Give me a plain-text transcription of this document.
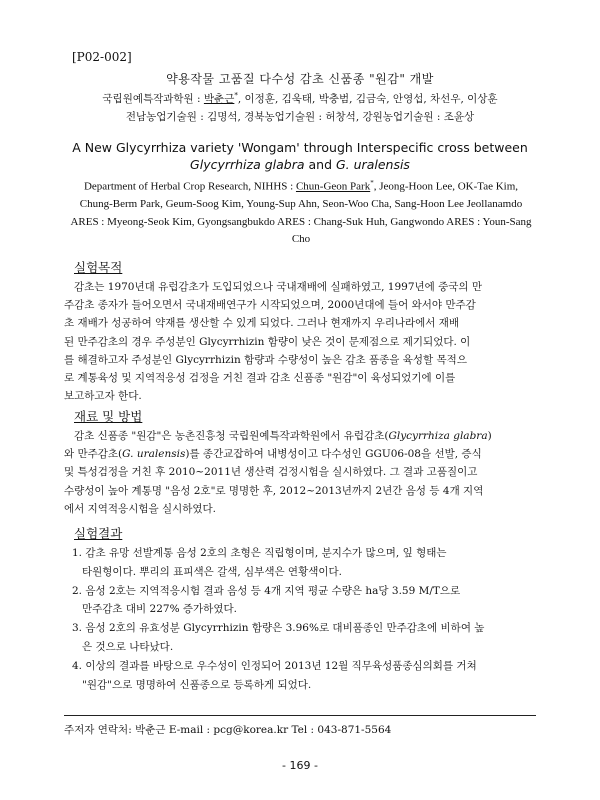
[P02-002]
약용작물 고품질 다수성 감초 신품종 "원감" 개발
국립원예특작과학원 : 박춘근*, 이정훈, 김욱태, 박충범, 김금숙, 안영섭, 차선우, 이상훈
전남농업기술원 : 김명석, 경북농업기술원 : 허창석, 강원농업기술원 : 조윤상
A New Glycyrrhiza variety 'Wongam' through Interspecific cross between
Glycyrrhiza glabra and G. uralensis
Department of Herbal Crop Research, NIHHS : Chun-Geon Park*, Jeong-Hoon Lee, OK-Tae Kim, Chung-Berm Park, Geum-Soog Kim, Young-Sup Ahn, Seon-Woo Cha, Sang-Hoon Lee Jeollanamdo ARES : Myeong-Seok Kim, Gyongsangbukdo ARES : Chang-Suk Huh, Gangwondo ARES : Youn-Sang Cho
실험목적
감초는 1970년대 유럽감초가 도입되었으나 국내재배에 실패하였고, 1997년에 중국의 만
주감초 종자가 들어오면서 국내재배연구가 시작되었으며, 2000년대에 들어 와서야 만주감
초 재배가 성공하여 약재를 생산할 수 있게 되었다. 그러나 현재까지 우리나라에서 재배
된 만주감초의 경우 주성분인 Glycyrrhizin 함량이 낮은 것이 문제점으로 제기되었다. 이
를 해결하고자 주성분인 Glycyrrhizin 함량과 수량성이 높은 감초 품종을 육성할 목적으
로 계통육성 및 지역적응성 검정을 거친 결과 감초 신품종 "원감"이 육성되었기에 이를
보고하고자 한다.
재료 및 방법
감초 신품종 "원감"은 농촌진흥청 국립원예특작과학원에서 유럽감초(Glycyrrhiza glabra)
와 만주감초(G. uralensis)를 종간교잡하여 내병성이고 다수성인 GGU06-08을 선발, 증식
및 특성검정을 거친 후 2010~2011년 생산력 검정시험을 실시하였다. 그 결과 고품질이고
수량성이 높아 계통명 "음성 2호"로 명명한 후, 2012~2013년까지 2년간 음성 등 4개 지역
에서 지역적응시험을 실시하였다.
실험결과
1. 감초 유망 선발계통 음성 2호의 초형은 직립형이며, 분지수가 많으며, 잎 형태는
타원형이다. 뿌리의 표피색은 갈색, 심부색은 연황색이다.
2. 음성 2호는 지역적응시험 결과 음성 등 4개 지역 평균 수량은 ha당 3.59 M/T으로
만주감초 대비 227% 증가하였다.
3. 음성 2호의 유효성분 Glycyrrhizin 함량은 3.96%로 대비품종인 만주감초에 비하여 높
은 것으로 나타났다.
4. 이상의 결과를 바탕으로 우수성이 인정되어 2013년 12월 직무육성품종심의회를 거쳐
"원감"으로 명명하여 신품종으로 등록하게 되었다.
주저자 연락처: 박춘근 E-mail : pcg@korea.kr Tel : 043-871-5564
- 169 -
